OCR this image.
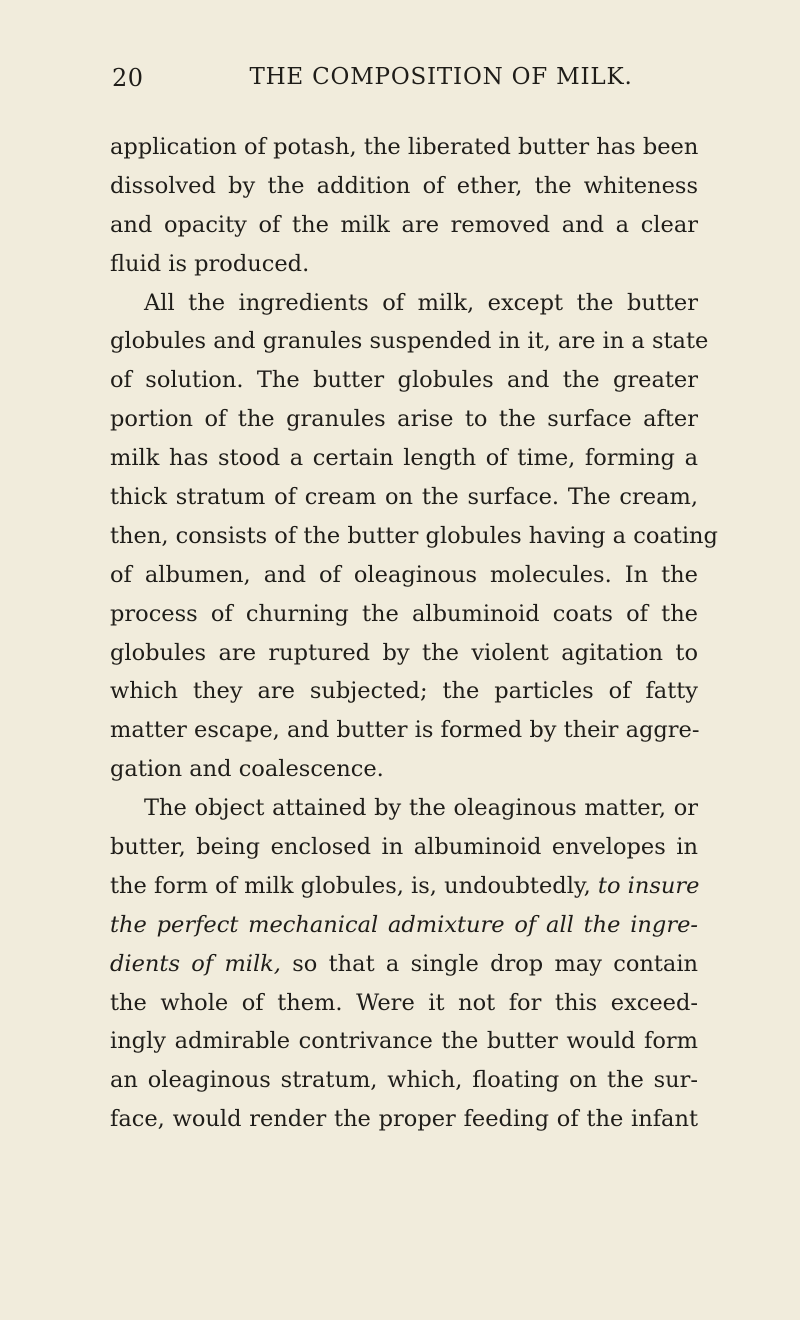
20	THE COMPOSITION OF MILK.
application of potash, the liberated butter has been
dissolved by the addition of ether, the whiteness
and opacity of the milk are removed and a clear
fluid is produced.
All the ingredients of milk, except the butter
globules and granules suspended in it, are in a state
of solution. The butter globules and the greater
portion of the granules arise to the surface after
milk has stood a certain length of time, forming a
thick stratum of cream on the surface. The cream,
then, consists of the butter globules having a coating
of albumen, and of oleaginous molecules. In the
process of churning the albuminoid coats of the
globules are ruptured by the violent agitation to
which they are subjected; the particles of fatty
matter escape, and butter is formed by their aggre-
gation and coalescence.
The object attained by the oleaginous matter, or
butter, being enclosed in albuminoid envelopes in
the form of milk globules, is, undoubtedly, to insure
the perfect mechanical admixture of all the ingre-
dients of milk, so that a single drop may contain
the whole of them. Were it not for this exceed-
ingly admirable contrivance the butter would form
an oleaginous stratum, which, floating on the sur-
face, would render the proper feeding of the infant
